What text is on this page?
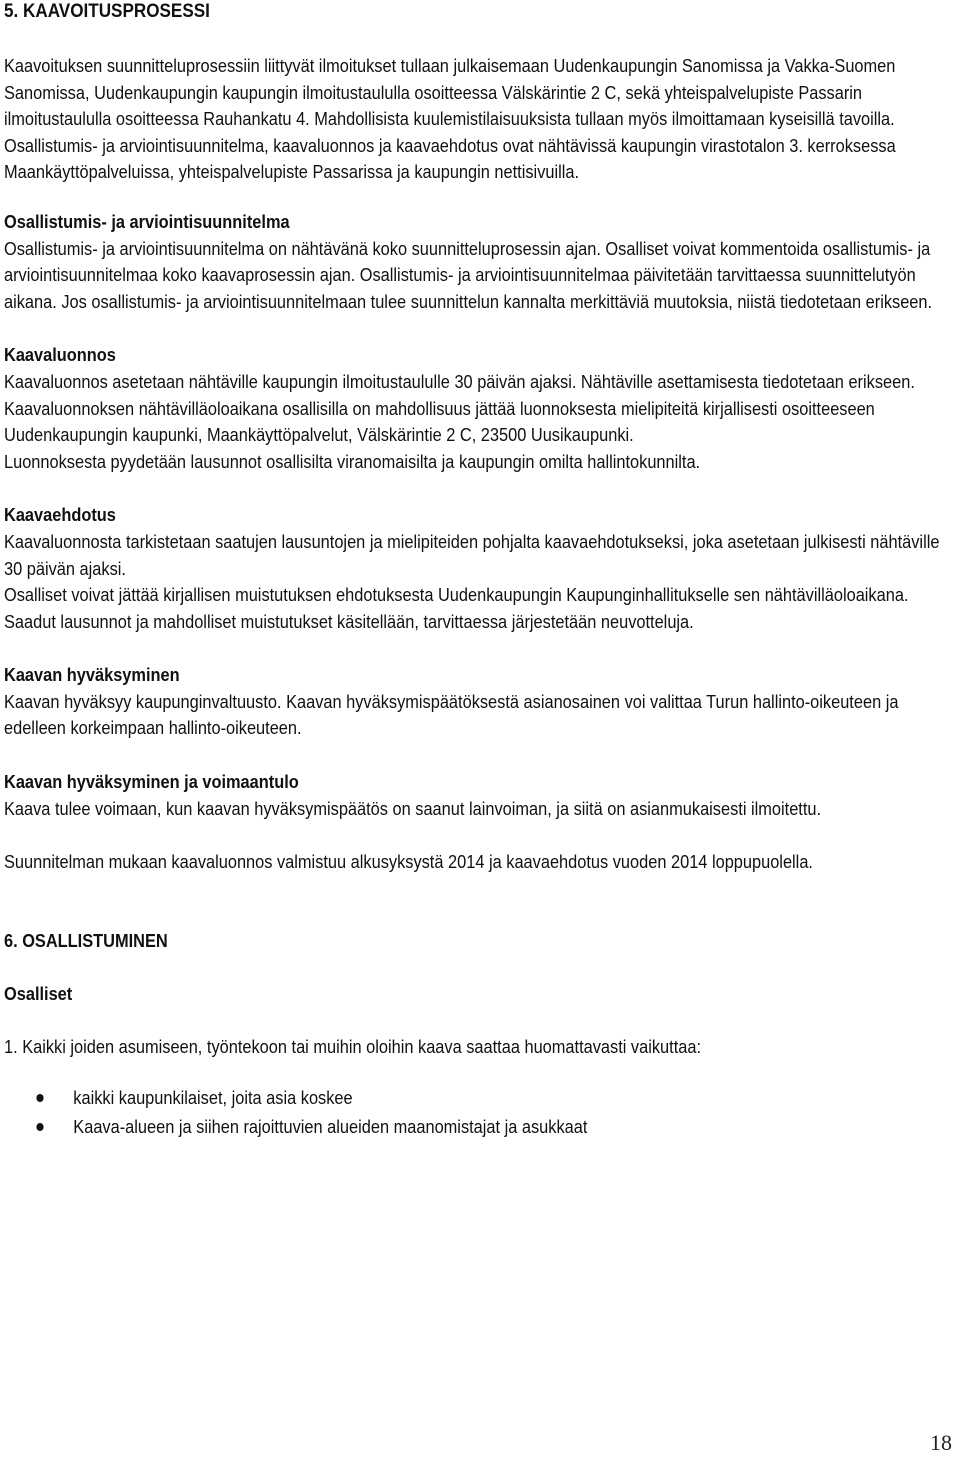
5. KAAVOITUSPROSESSI

Kaavoituksen suunnitteluprosessiin liittyvät ilmoitukset tullaan julkaisemaan Uudenkaupungin Sanomissa ja Vakka-Suomen Sanomissa, Uudenkaupungin kaupungin ilmoitustaululla osoitteessa Välskärintie 2 C, sekä yhteispalvelupiste Passarin ilmoitustaululla osoitteessa Rauhankatu 4. Mahdollisista kuulemistilaisuuksista tullaan myös ilmoittamaan kyseisillä tavoilla. Osallistumis- ja arviointisuunnitelma, kaavaluonnos ja kaavaehdotus ovat nähtävissä kaupungin virastotalon 3. kerroksessa Maankäyttöpalveluissa, yhteispalvelupiste Passarissa ja kaupungin nettisivuilla.

Osallistumis- ja arviointisuunnitelma

Osallistumis- ja arviointisuunnitelma on nähtävänä koko suunnitteluprosessin ajan. Osalliset voivat kommentoida osallistumis- ja arviointisuunnitelmaa koko kaavaprosessin ajan. Osallistumis- ja arviointisuunnitelmaa päivitetään tarvittaessa suunnittelutyön aikana. Jos osallistumis- ja arviointisuunnitelmaan tulee suunnittelun kannalta merkittäviä muutoksia, niistä tiedotetaan erikseen.

Kaavaluonnos

Kaavaluonnos asetetaan nähtäville kaupungin ilmoitustaululle 30 päivän ajaksi. Nähtäville asettamisesta tiedotetaan erikseen. Kaavaluonnoksen nähtävilläoloaikana osallisilla on mahdollisuus jättää luonnoksesta mielipiteitä kirjallisesti osoitteeseen Uudenkaupungin kaupunki, Maankäyttöpalvelut, Välskärintie 2 C, 23500 Uusikaupunki.

Luonnoksesta pyydetään lausunnot osallisilta viranomaisilta ja kaupungin omilta hallintokunnilta.

Kaavaehdotus

Kaavaluonnosta tarkistetaan saatujen lausuntojen ja mielipiteiden pohjalta kaavaehdotukseksi, joka asetetaan julkisesti nähtäville 30 päivän ajaksi.

Osalliset voivat jättää kirjallisen muistutuksen ehdotuksesta Uudenkaupungin Kaupunginhallitukselle sen nähtävilläoloaikana. Saadut lausunnot ja mahdolliset muistutukset käsitellään, tarvittaessa järjestetään neuvotteluja.

Kaavan hyväksyminen

Kaavan hyväksyy kaupunginvaltuusto. Kaavan hyväksymispäätöksestä asianosainen voi valittaa Turun hallinto-oikeuteen ja edelleen korkeimpaan hallinto-oikeuteen.

Kaavan hyväksyminen ja voimaantulo

Kaava tulee voimaan, kun kaavan hyväksymispäätös on saanut lainvoiman, ja siitä on asianmukaisesti ilmoitettu.

Suunnitelman mukaan kaavaluonnos valmistuu alkusyksystä 2014 ja kaavaehdotus vuoden 2014 loppupuolella.

6. OSALLISTUMINEN

Osalliset

1. Kaikki joiden asumiseen, työntekoon tai muihin oloihin kaava saattaa huomattavasti vaikuttaa:

kaikki kaupunkilaiset, joita asia koskee
Kaava-alueen ja siihen rajoittuvien alueiden maanomistajat ja asukkaat
18
